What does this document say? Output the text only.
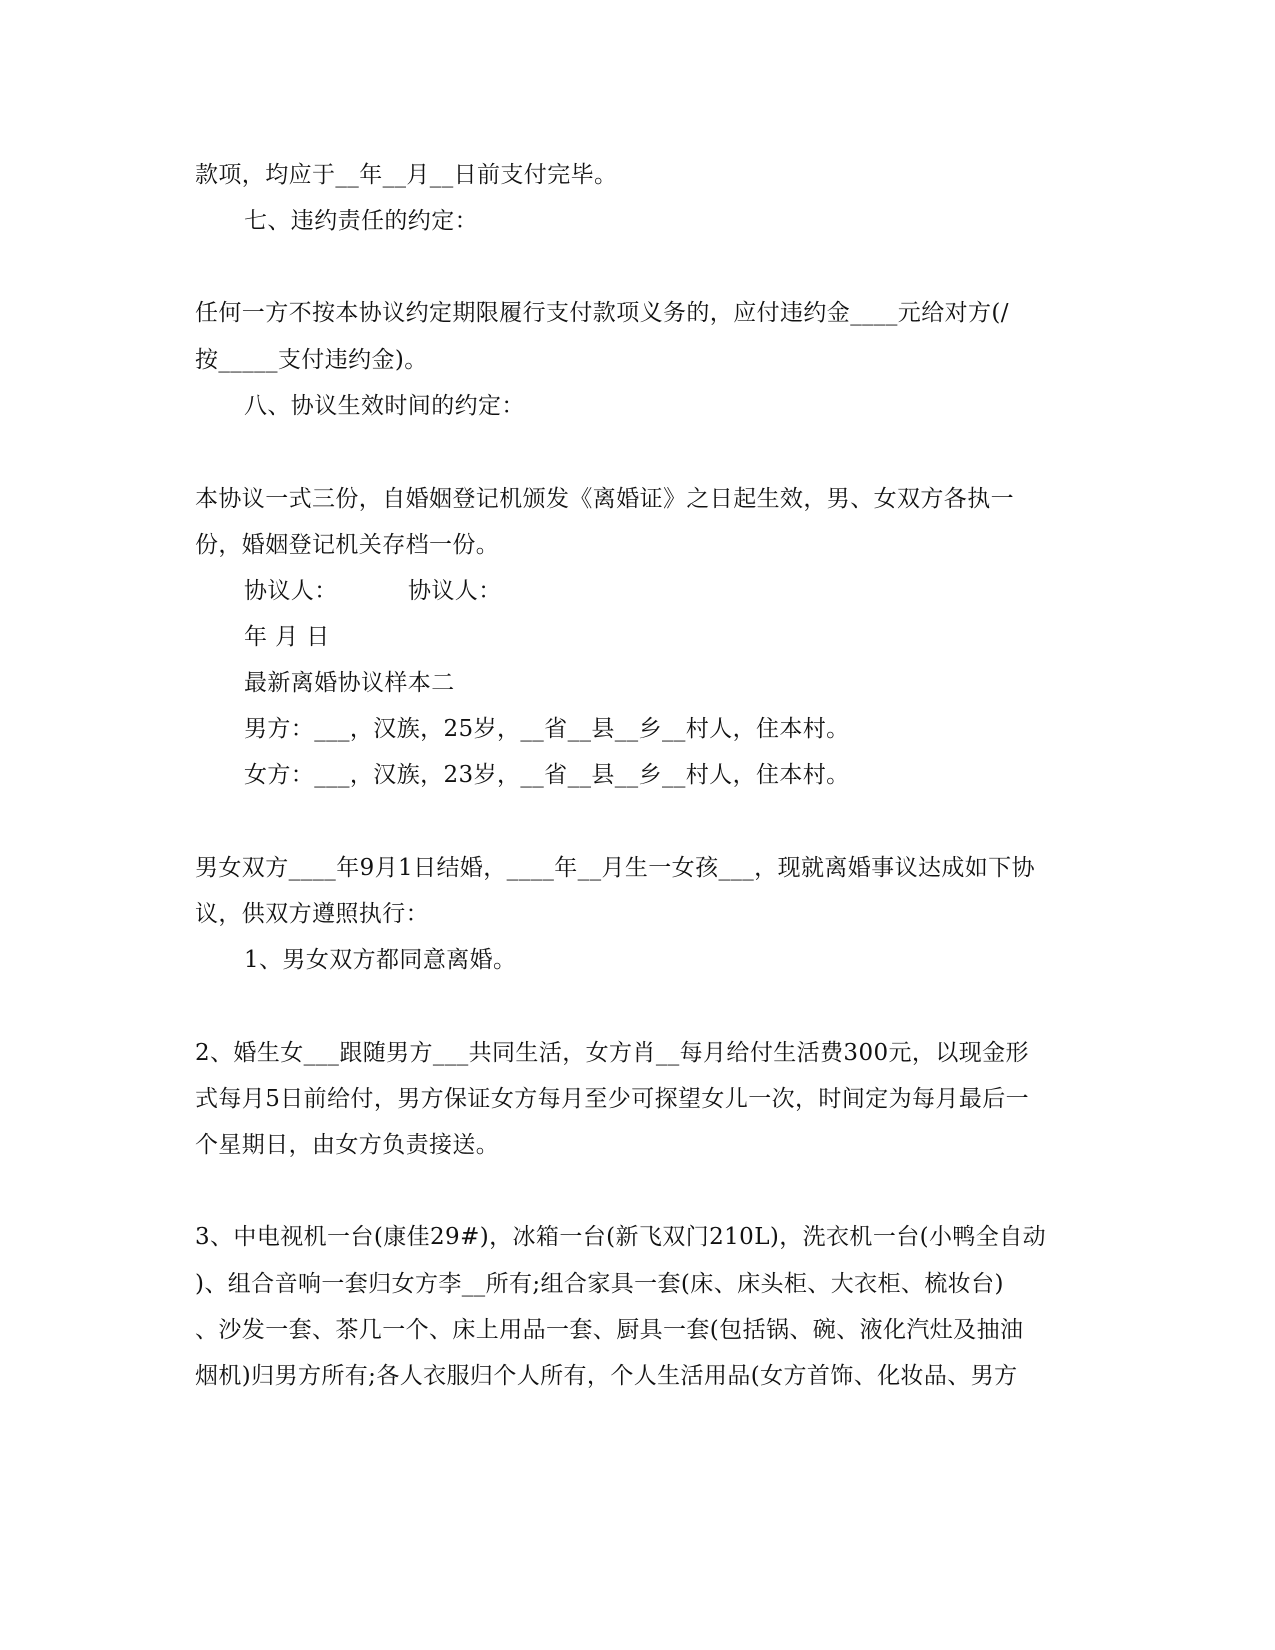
款项，均应于__年__月__日前支付完毕。
七、违约责任的约定：
任何一方不按本协议约定期限履行支付款项义务的，应付违约金____元给对方(/
按_____支付违约金)。
八、协议生效时间的约定：
本协议一式三份，自婚姻登记机颁发《离婚证》之日起生效，男、女双方各执一
份，婚姻登记机关存档一份。
协议人：	协议人：
年 月 日
最新离婚协议样本二
男方：___，汉族，25岁，__省__县__乡__村人，住本村。
女方：___，汉族，23岁，__省__县__乡__村人，住本村。
男女双方____年9月1日结婚，____年__月生一女孩___，现就离婚事议达成如下协
议，供双方遵照执行：
1、男女双方都同意离婚。
2、婚生女___跟随男方___共同生活，女方肖__每月给付生活费300元，以现金形
式每月5日前给付，男方保证女方每月至少可探望女儿一次，时间定为每月最后一
个星期日，由女方负责接送。
3、中电视机一台(康佳29#)，冰箱一台(新飞双门210L)，洗衣机一台(小鸭全自动
)、组合音响一套归女方李__所有;组合家具一套(床、床头柜、大衣柜、梳妆台)
、沙发一套、茶几一个、床上用品一套、厨具一套(包括锅、碗、液化汽灶及抽油
烟机)归男方所有;各人衣服归个人所有，个人生活用品(女方首饰、化妆品、男方
